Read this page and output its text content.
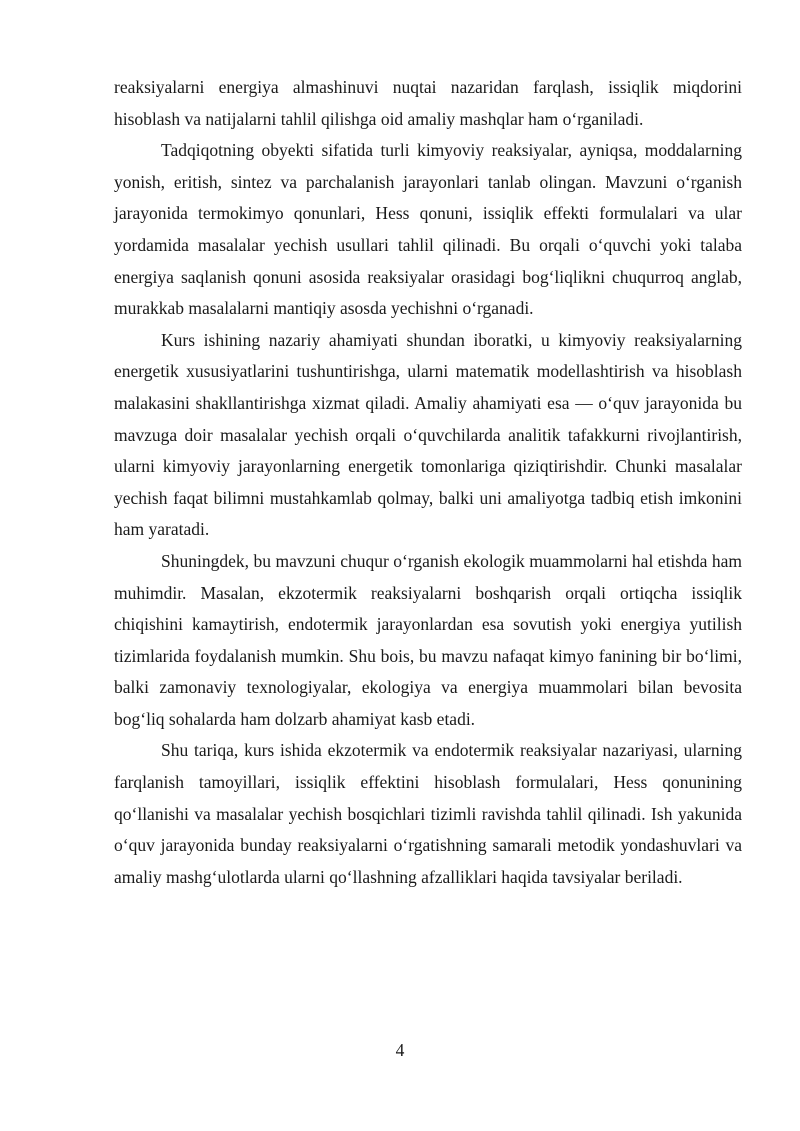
reaksiyalarni energiya almashinuvi nuqtai nazaridan farqlash, issiqlik miqdorini hisoblash va natijalarni tahlil qilishga oid amaliy mashqlar ham oʻrganiladi.

Tadqiqotning obyekti sifatida turli kimyoviy reaksiyalar, ayniqsa, moddalarning yonish, eritish, sintez va parchalanish jarayonlari tanlab olingan. Mavzuni oʻrganish jarayonida termokimyo qonunlari, Hess qonuni, issiqlik effekti formulalari va ular yordamida masalalar yechish usullari tahlil qilinadi. Bu orqali oʻquvchi yoki talaba energiya saqlanish qonuni asosida reaksiyalar orasidagi bogʻliqlikni chuqurroq anglab, murakkab masalalarni mantiqiy asosda yechishni oʻrganadi.

Kurs ishining nazariy ahamiyati shundan iboratki, u kimyoviy reaksiyalarning energetik xususiyatlarini tushuntirishga, ularni matematik modellashtirish va hisoblash malakasini shakllantirishga xizmat qiladi. Amaliy ahamiyati esa — oʻquv jarayonida bu mavzuga doir masalalar yechish orqali oʻquvchilarda analitik tafakkurni rivojlantirish, ularni kimyoviy jarayonlarning energetik tomonlariga qiziqtirishdir. Chunki masalalar yechish faqat bilimni mustahkamlab qolmay, balki uni amaliyotga tadbiq etish imkonini ham yaratadi.

Shuningdek, bu mavzuni chuqur oʻrganish ekologik muammolarni hal etishda ham muhimdir. Masalan, ekzotermik reaksiyalarni boshqarish orqali ortiqcha issiqlik chiqishini kamaytirish, endotermik jarayonlardan esa sovutish yoki energiya yutilish tizimlarida foydalanish mumkin. Shu bois, bu mavzu nafaqat kimyo fanining bir boʻlimi, balki zamonaviy texnologiyalar, ekologiya va energiya muammolari bilan bevosita bogʻliq sohalarda ham dolzarb ahamiyat kasb etadi.

Shu tariqa, kurs ishida ekzotermik va endotermik reaksiyalar nazariyasi, ularning farqlanish tamoyillari, issiqlik effektini hisoblash formulalari, Hess qonunining qoʻllanishi va masalalar yechish bosqichlari tizimli ravishda tahlil qilinadi. Ish yakunida oʻquv jarayonida bunday reaksiyalarni oʻrgatishning samarali metodik yondashuvlari va amaliy mashgʻulotlarda ularni qoʻllashning afzalliklari haqida tavsiyalar beriladi.

4
